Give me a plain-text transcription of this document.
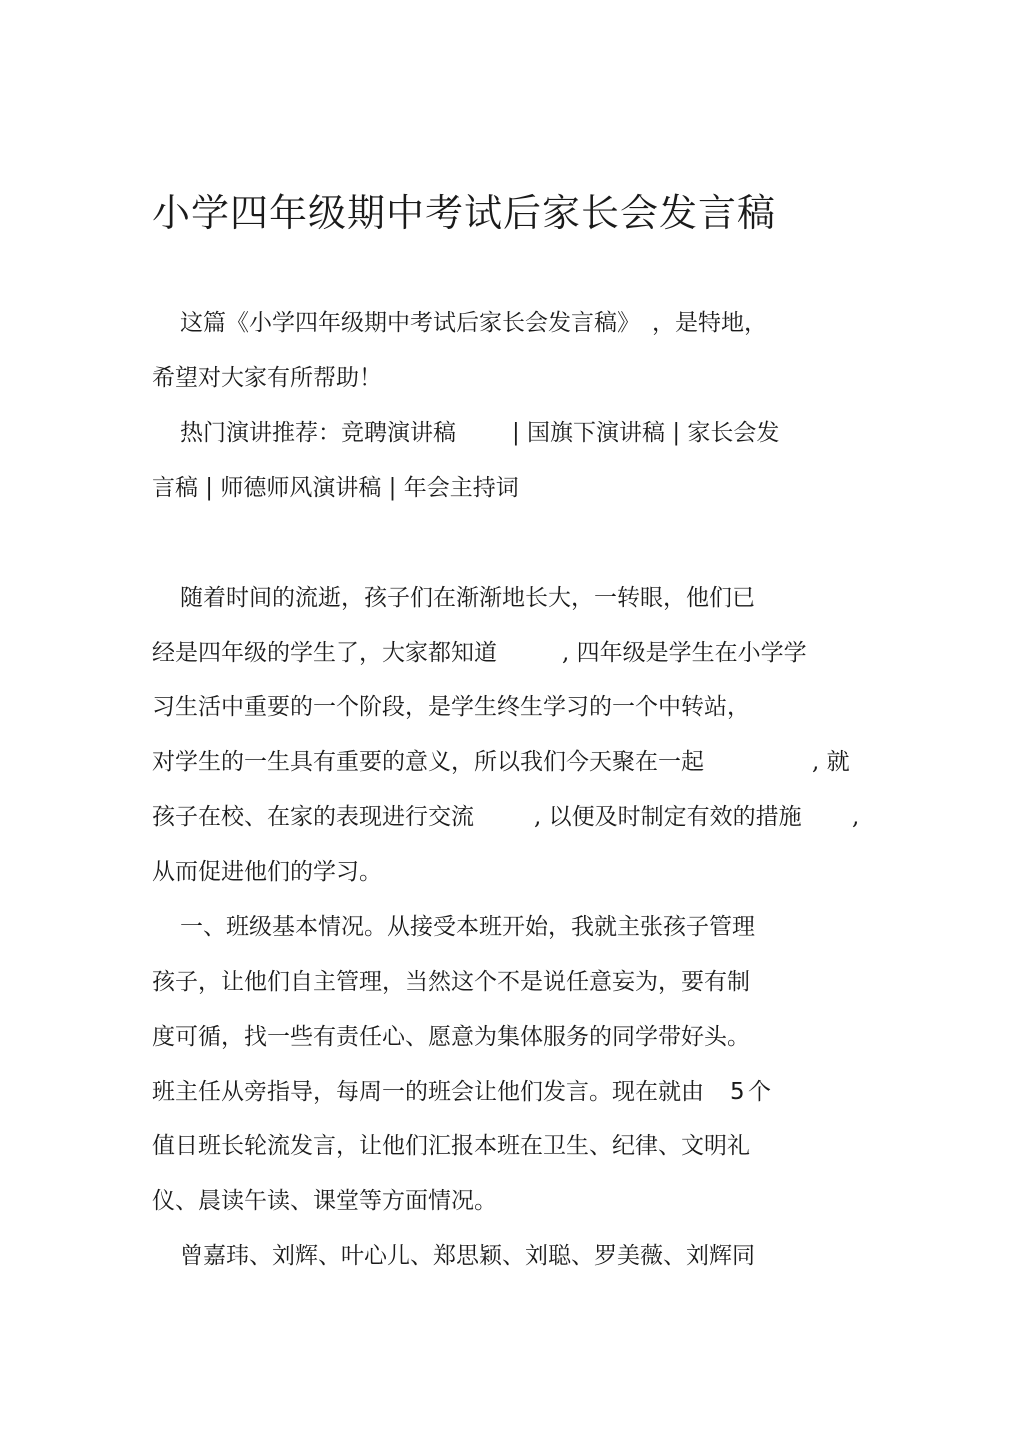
小学四年级期中考试后家长会发言稿
这篇《小学四年级期中考试后家长会发言稿》 ，是特地，
希望对大家有所帮助！
热门演讲推荐：竞聘演讲稿 | 国旗下演讲稿 | 家长会发
言稿 | 师德师风演讲稿 | 年会主持词
随着时间的流逝，孩子们在渐渐地长大，一转眼，他们已
经是四年级的学生了，大家都知道	, 四年级是学生在小学学
习生活中重要的一个阶段，是学生终生学习的一个中转站，
对学生的一生具有重要的意义，所以我们今天聚在一起	, 就
孩子在校、在家的表现进行交流	, 以便及时制定有效的措施 ,
从而促进他们的学习。
一、班级基本情况。从接受本班开始，我就主张孩子管理
孩子，让他们自主管理，当然这个不是说任意妄为，要有制
度可循，找一些有责任心、愿意为集体服务的同学带好头。
班主任从旁指导，每周一的班会让他们发言。现在就由 5 个
值日班长轮流发言，让他们汇报本班在卫生、纪律、文明礼
仪、晨读午读、课堂等方面情况。
曾嘉玮、刘辉、叶心儿、郑思颖、刘聪、罗美薇、刘辉同
